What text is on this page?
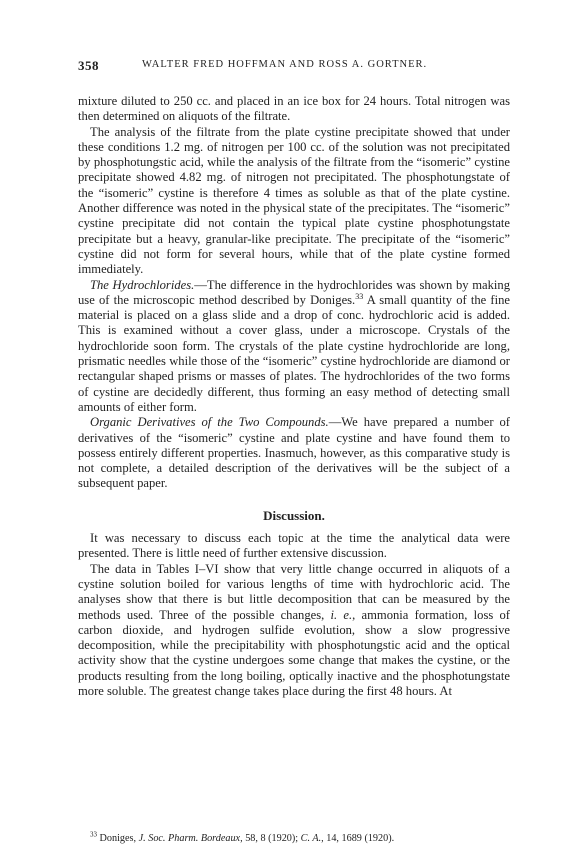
358	WALTER FRED HOFFMAN AND ROSS A. GORTNER.

mixture diluted to 250 cc. and placed in an ice box for 24 hours. Total nitrogen was then determined on aliquots of the filtrate.

The analysis of the filtrate from the plate cystine precipitate showed that under these conditions 1.2 mg. of nitrogen per 100 cc. of the solution was not precipitated by phosphotungstic acid, while the analysis of the filtrate from the “isomeric” cystine precipitate showed 4.82 mg. of nitrogen not precipitated. The phosphotungstate of the “isomeric” cystine is therefore 4 times as soluble as that of the plate cystine. Another difference was noted in the physical state of the precipitates. The “isomeric” cystine precipitate did not contain the typical plate cystine phosphotungstate precipitate but a heavy, granular-like precipitate. The precipitate of the “isomeric” cystine did not form for several hours, while that of the plate cystine formed immediately.

The Hydrochlorides.—The difference in the hydrochlorides was shown by making use of the microscopic method described by Doniges.$^{33}$ A small quantity of the fine material is placed on a glass slide and a drop of conc. hydrochloric acid is added. This is examined without a cover glass, under a microscope. Crystals of the hydrochloride soon form. The crystals of the plate cystine hydrochloride are long, prismatic needles while those of the “isomeric” cystine hydrochloride are diamond or rectangular shaped prisms or masses of plates. The hydrochlorides of the two forms of cystine are decidedly different, thus forming an easy method of detecting small amounts of either form.

Organic Derivatives of the Two Compounds.—We have prepared a number of derivatives of the “isomeric” cystine and plate cystine and have found them to possess entirely different properties. Inasmuch, however, as this comparative study is not complete, a detailed description of the derivatives will be the subject of a subsequent paper.

Discussion.

It was necessary to discuss each topic at the time the analytical data were presented. There is little need of further extensive discussion.

The data in Tables I–VI show that very little change occurred in aliquots of a cystine solution boiled for various lengths of time with hydrochloric acid. The analyses show that there is but little decomposition that can be measured by the methods used. Three of the possible changes, i. e., ammonia formation, loss of carbon dioxide, and hydrogen sulfide evolution, show a slow progressive decomposition, while the precipitability with phosphotungstic acid and the optical activity show that the cystine undergoes some change that makes the cystine, or the products resulting from the long boiling, optically inactive and the phosphotungstate more soluble. The greatest change takes place during the first 48 hours. At

$^{33}$ Doniges, J. Soc. Pharm. Bordeaux, 58, 8 (1920); C. A., 14, 1689 (1920).
